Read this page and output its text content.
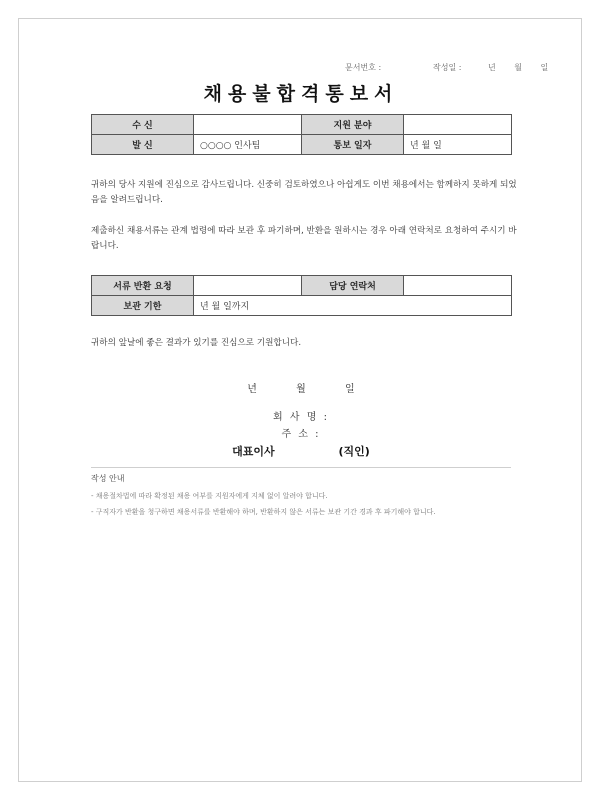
문서번호 :	작성일 :	년 월 일
채용불합격통보서
수 신		지원 분야	
발 신	○○○○ 인사팀	통보 일자	년 월 일
귀하의 당사 지원에 진심으로 감사드립니다. 신중히 검토하였으나 아쉽게도 이번 채용에서는 함께하지 못하게 되었음을 알려드립니다.
제출하신 채용서류는 관계 법령에 따라 보관 후 파기하며, 반환을 원하시는 경우 아래 연락처로 요청하여 주시기 바랍니다.
서류 반환 요청		담당 연락처	
보관 기한	년 월 일까지		
귀하의 앞날에 좋은 결과가 있기를 진심으로 기원합니다.
년	월	일
회 사 명 :
주 소 :
대표이사	(직인)
작성 안내
- 채용절차법에 따라 확정된 채용 여부를 지원자에게 지체 없이 알려야 합니다.
- 구직자가 반환을 청구하면 채용서류를 반환해야 하며, 반환하지 않은 서류는 보관 기간 경과 후 파기해야 합니다.
